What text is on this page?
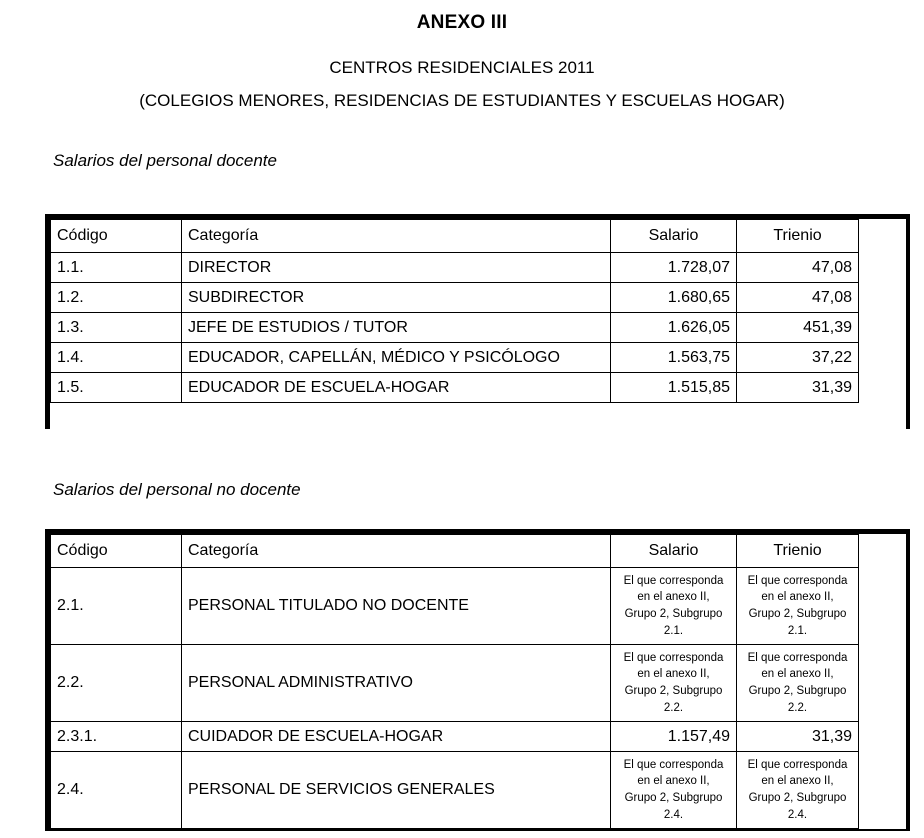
ANEXO III
CENTROS RESIDENCIALES 2011
(COLEGIOS MENORES, RESIDENCIAS DE ESTUDIANTES Y ESCUELAS HOGAR)
Salarios del personal docente
Código	Categoría	Salario	Trienio	
1.1.	DIRECTOR	1.728,07	47,08	
1.2.	SUBDIRECTOR	1.680,65	47,08	
1.3.	JEFE DE ESTUDIOS / TUTOR	1.626,05	451,39	
1.4.	EDUCADOR, CAPELLÁN, MÉDICO Y PSICÓLOGO	1.563,75	37,22	
1.5.	EDUCADOR DE ESCUELA-HOGAR	1.515,85	31,39	

Salarios del personal no docente
Código	Categoría	Salario	Trienio	
2.1.	PERSONAL TITULADO NO DOCENTE	El que corresponda en el anexo II, Grupo 2, Subgrupo 2.1.	El que corresponda en el anexo II, Grupo 2, Subgrupo 2.1.	

2.2.	PERSONAL ADMINISTRATIVO	El que corresponda en el anexo II, Grupo 2, Subgrupo 2.2.	El que corresponda en el anexo II, Grupo 2, Subgrupo 2.2.	

2.3.1.	CUIDADOR DE ESCUELA-HOGAR	1.157,49	31,39	
2.4.	PERSONAL DE SERVICIOS GENERALES	El que corresponda en el anexo II, Grupo 2, Subgrupo 2.4.	El que corresponda en el anexo II, Grupo 2, Subgrupo 2.4.	
